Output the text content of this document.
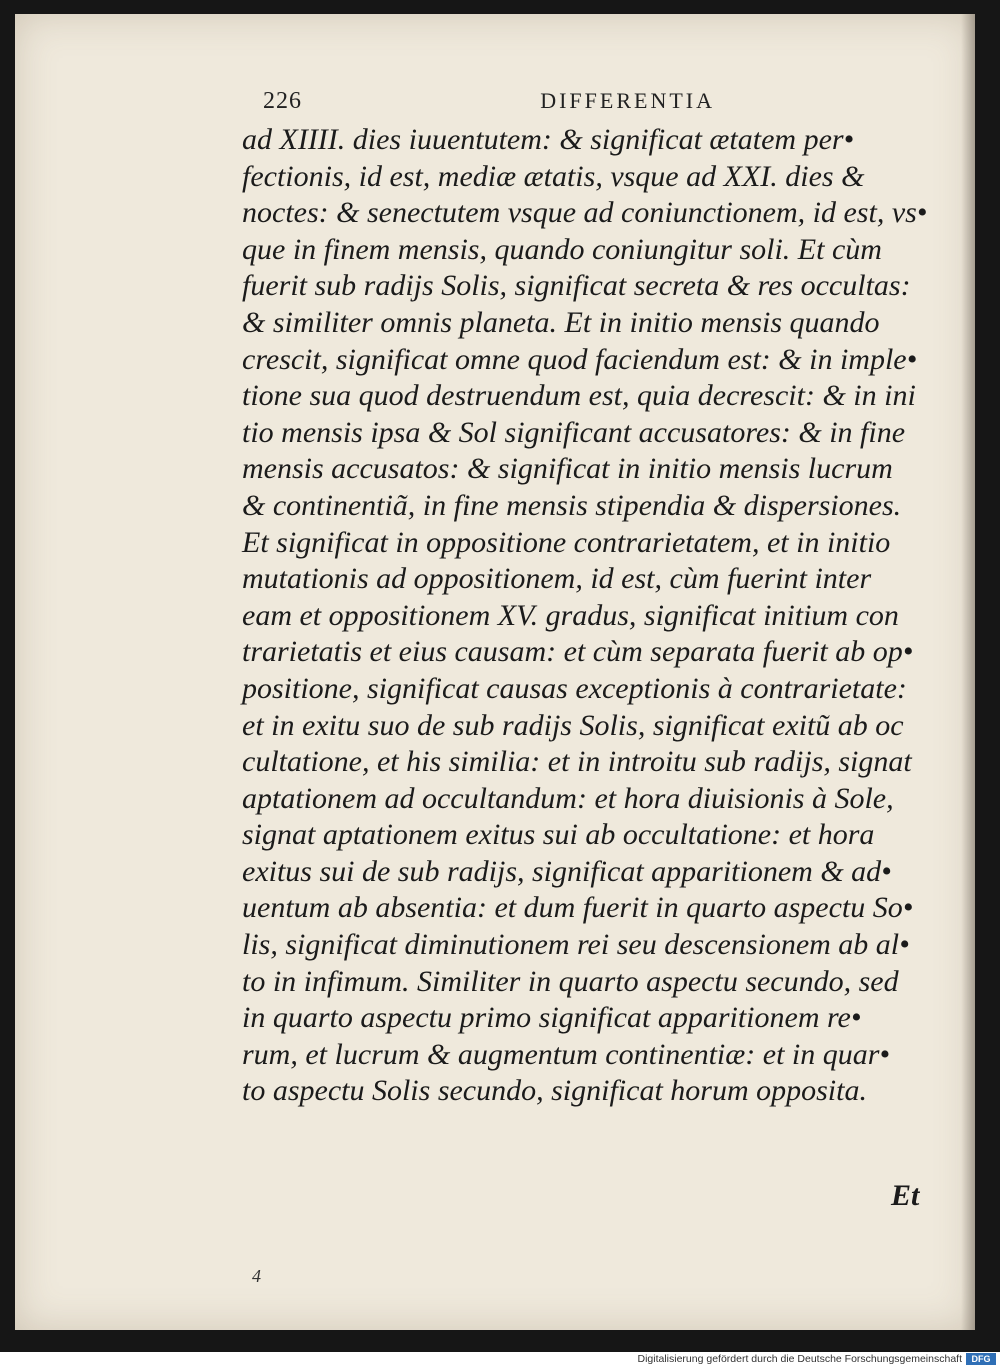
226	DIFFERENTIA
ad XIIII. dies iuuentutem: & significat ætatem per•
fectionis, id est, mediæ ætatis, vsque ad XXI. dies &
noctes: & senectutem vsque ad coniunctionem, id est, vs•
que in finem mensis, quando coniungitur soli. Et cùm
fuerit sub radijs Solis, significat secreta & res occultas:
& similiter omnis planeta. Et in initio mensis quando
crescit, significat omne quod faciendum est: & in imple•
tione sua quod destruendum est, quia decrescit: & in ini
tio mensis ipsa & Sol significant accusatores: & in fine
mensis accusatos: & significat in initio mensis lucrum
& continentiã, in fine mensis stipendia & dispersiones.
Et significat in oppositione contrarietatem, et in initio
mutationis ad oppositionem, id est, cùm fuerint inter
eam et oppositionem XV. gradus, significat initium con
trarietatis et eius causam: et cùm separata fuerit ab op•
positione, significat causas exceptionis à contrarietate:
et in exitu suo de sub radijs Solis, significat exitũ ab oc
cultatione, et his similia: et in introitu sub radijs, signat
aptationem ad occultandum: et hora diuisionis à Sole,
signat aptationem exitus sui ab occultatione: et hora
exitus sui de sub radijs, significat apparitionem & ad•
uentum ab absentia: et dum fuerit in quarto aspectu So•
lis, significat diminutionem rei seu descensionem ab al•
to in infimum. Similiter in quarto aspectu secundo, sed
in quarto aspectu primo significat apparitionem re•
rum, et lucrum & augmentum continentiæ: et in quar•
to aspectu Solis secundo, significat horum opposita.
Et
4
Digitalisierung gefördert durch die Deutsche Forschungsgemeinschaft	DFG
